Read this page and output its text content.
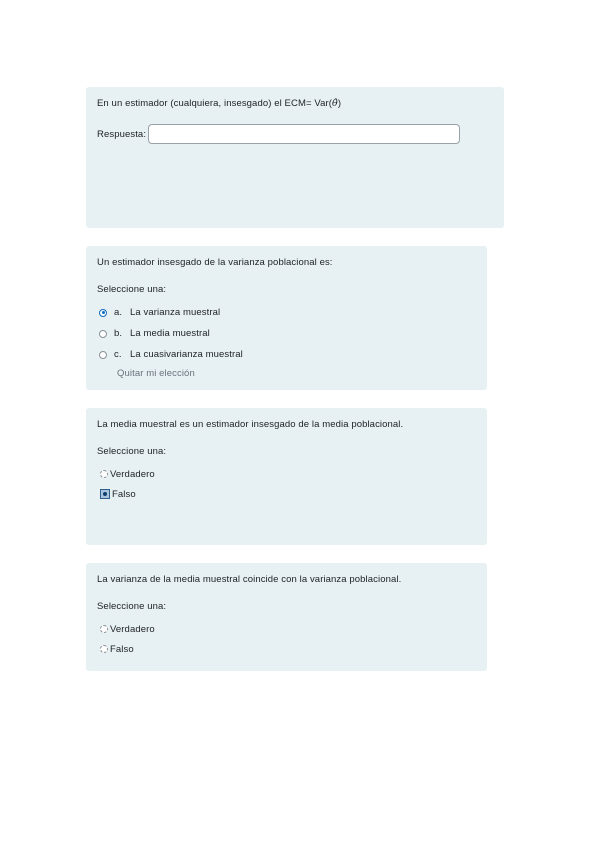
En un estimador (cualquiera, insesgado) el ECM= Var(θ̂)
Respuesta:
Un estimador insesgado de la varianza poblacional es:
Seleccione una:
a. La varianza muestral
b. La media muestral
c. La cuasivarianza muestral
Quitar mi elección
La media muestral es un estimador insesgado de la media poblacional.
Seleccione una:
Verdadero
Falso
La varianza de la media muestral coincide con la varianza poblacional.
Seleccione una:
Verdadero
Falso
